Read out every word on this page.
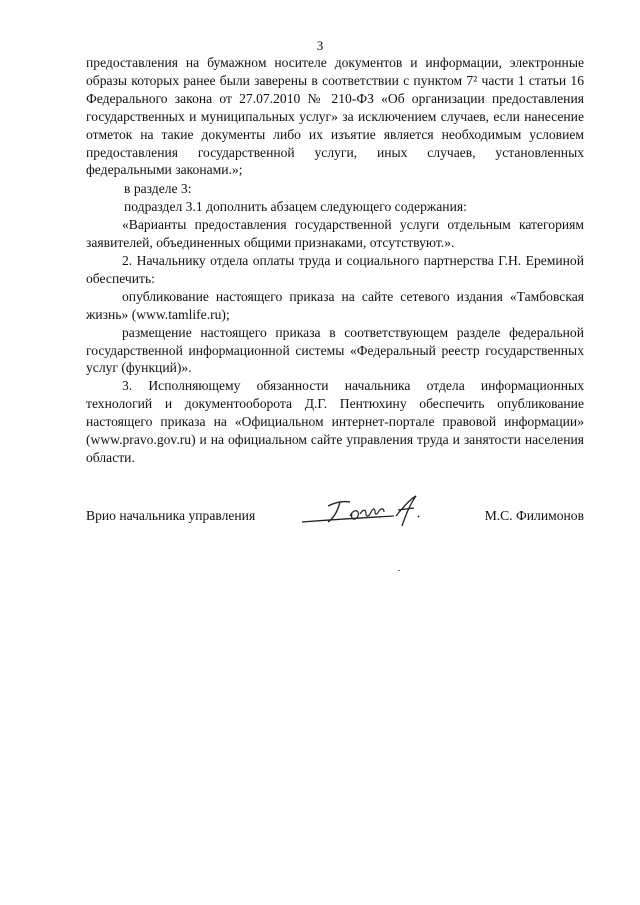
3

предоставления на бумажном носителе документов и информации, электронные образы которых ранее были заверены в соответствии с пунктом 7² части 1 статьи 16 Федерального закона от 27.07.2010 № 210-ФЗ «Об организации предоставления государственных и муниципальных услуг» за исключением случаев, если нанесение отметок на такие документы либо их изъятие является необходимым условием предоставления государственной услуги, иных случаев, установленных федеральными законами.»;

в разделе 3:

подраздел 3.1 дополнить абзацем следующего содержания:

«Варианты предоставления государственной услуги отдельным категориям заявителей, объединенных общими признаками, отсутствуют.».

2. Начальнику отдела оплаты труда и социального партнерства Г.Н. Ереминой обеспечить:

опубликование настоящего приказа на сайте сетевого издания «Тамбовская жизнь» (www.tamlife.ru);

размещение настоящего приказа в соответствующем разделе федеральной государственной информационной системы «Федеральный реестр государственных услуг (функций)».

3. Исполняющему обязанности начальника отдела информационных технологий и документооборота Д.Г. Пентюхину обеспечить опубликование настоящего приказа на «Официальном интернет-портале правовой информации» (www.pravo.gov.ru) и на официальном сайте управления труда и занятости населения области.

Врио начальника управления	М.С. Филимонов
